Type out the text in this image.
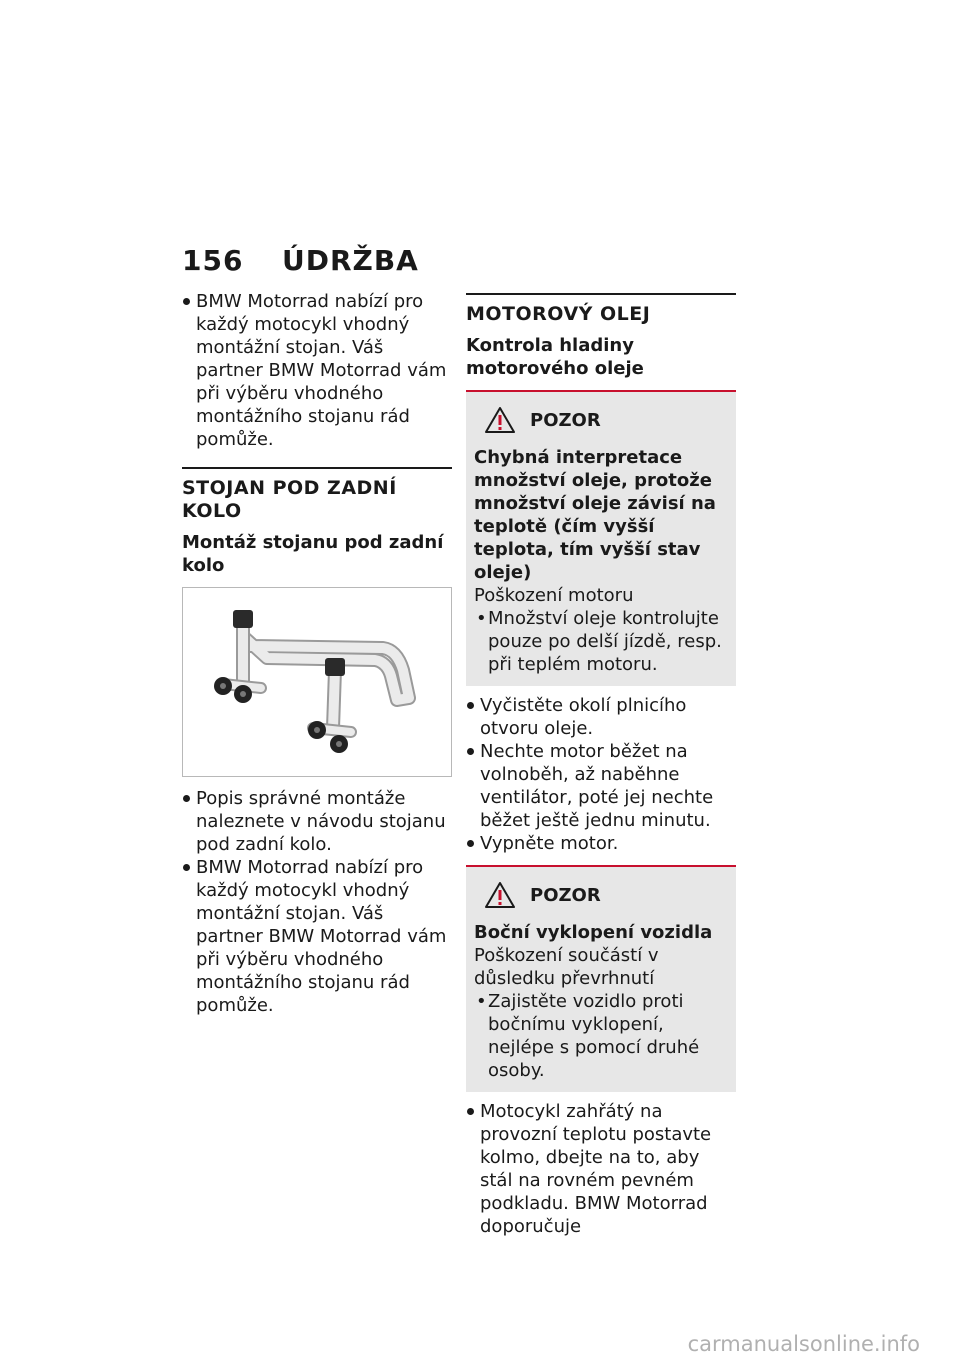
156 ÚDRŽBA
BMW Motorrad nabízí pro každý motocykl vhodný montážní stojan. Váš partner BMW Motorrad vám při výběru vhodného montážního stojanu rád pomůže.
STOJAN POD ZADNÍ KOLO
Montáž stojanu pod zadní kolo
Popis správné montáže naleznete v návodu stojanu pod zadní kolo.
BMW Motorrad nabízí pro každý motocykl vhodný montážní stojan. Váš partner BMW Motorrad vám při výběru vhodného montážního stojanu rád pomůže.
MOTOROVÝ OLEJ
Kontrola hladiny motorového oleje
POZOR
Chybná interpretace množství oleje, protože množství oleje závisí na teplotě (čím vyšší teplota, tím vyšší stav oleje)
Poškození motoru
• Množství oleje kontrolujte pouze po delší jízdě, resp. při teplém motoru.
Vyčistěte okolí plnicího otvoru oleje.
Nechte motor běžet na volnoběh, až naběhne ventilátor, poté jej nechte běžet ještě jednu minutu.
Vypněte motor.
POZOR
Boční vyklopení vozidla
Poškození součástí v důsledku převrhnutí
• Zajistěte vozidlo proti bočnímu vyklopení, nejlépe s pomocí druhé osoby.
Motocykl zahřátý na provozní teplotu postavte kolmo, dbejte na to, aby stál na rovném pevném podkladu. BMW Motorrad doporučuje
carmanualsonline.info
